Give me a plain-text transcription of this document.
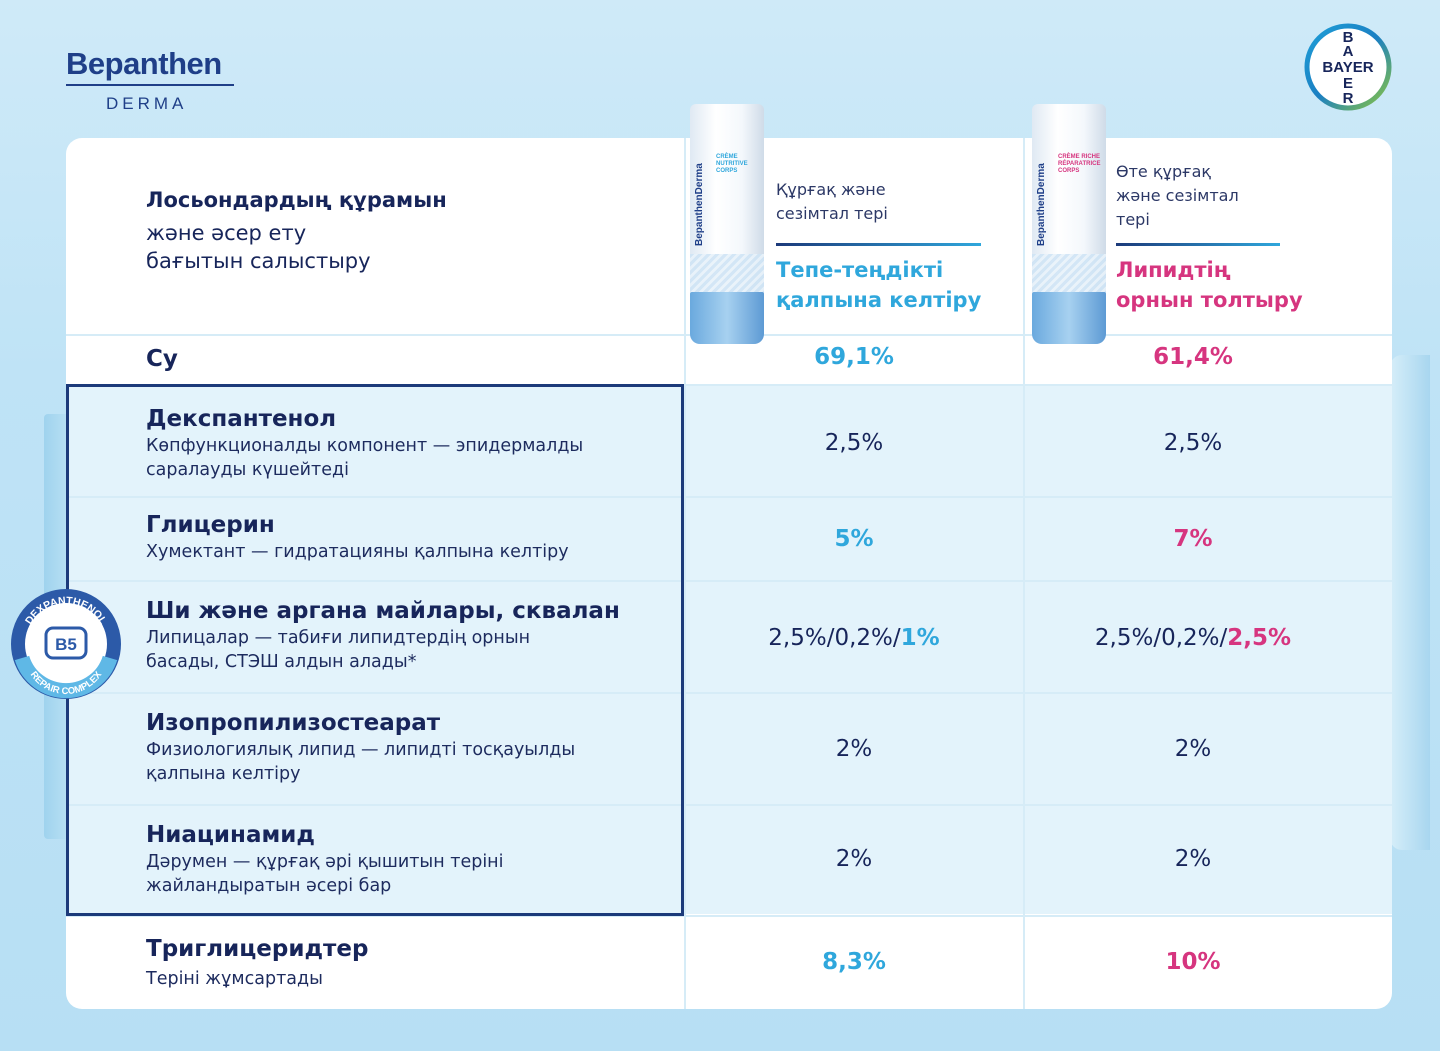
Bepanthen
DERMA
B
A
BAYER
E
R
Лосьондардың құрамын
және әсер ету
бағытын салыстыру
Құрғақ және
сезімтал тері
Тепе-теңдікті
қалпына келтіру
Өте құрғақ
және сезімтал
тері
Липидтің
орнын толтыру
Су	69,1%	61,4%
Декспантенол
Көпфункционалды компонент — эпидермалды
саралауды күшейтеді
2,5%	2,5%
Глицерин
Хумектант — гидратацияны қалпына келтіру	5%	7%
Ши және аргана майлары, сквалан
Липицалар — табиғи липидтердің орнын
басады, СТЭШ алдын алады*
2,5%/0,2%/1%	2,5%/0,2%/2,5%
Изопропилизостеарат
Физиологиялық липид — липидті тосқауылды
қалпына келтіру
2%	2%
Ниацинамид
Дәрумен — құрғақ әрі қышитын теріні
жайландыратын әсері бар
2%	2%
Триглицеридтер
Теріні жұмсартады
8,3%	10%
BepanthenDerma
CRÈME NUTRITIVE CORPS	BepanthenDerma
CRÈME RICHE RÉPARATRICE CORPS
DEXPANTHENOL
REPAIR COMPLEX
B5
